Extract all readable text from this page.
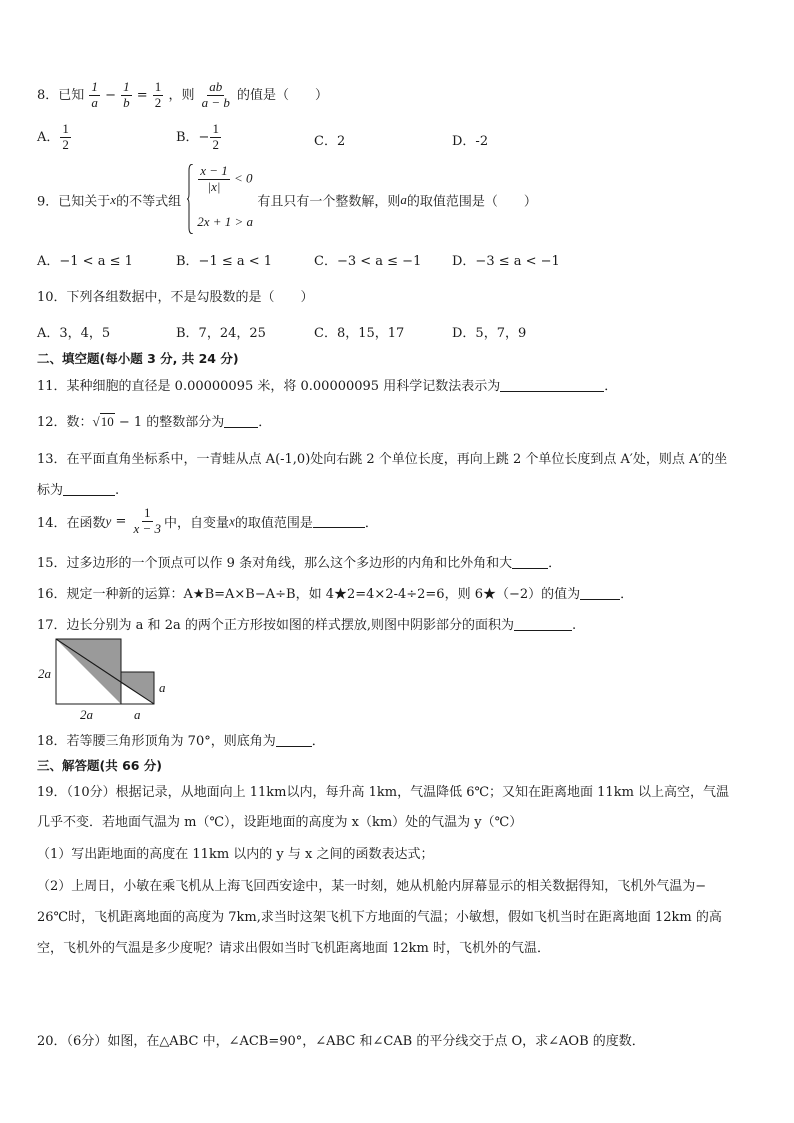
8．已知 $\frac{1}{a} - \frac{1}{b} = \frac{1}{2}$ ，则 $\frac{ab}{a - b}$ 的值是（　　）
A． $\frac{1}{2}$	B．− $\frac{1}{2}$	C．2	D．-2
9．已知关于x的不等式组
$\frac{x - 1}{|x|} < 0$
2x + 1 > a
有且只有一个整数解，则a的取值范围是（　　）
A．−1 < a ≤ 1	B．−1 ≤ a < 1	C．−3 < a ≤ −1 D．−3 ≤ a < −1
10．下列各组数据中，不是勾股数的是（　　）
A．3，4，5	B．7，24，25	C．8，15，17	D．5，7，9
二、填空题(每小题 3 分, 共 24 分)
11．某种细胞的直径是 0.00000095 米，将 0.00000095 用科学记数法表示为	．
12．数：√10 − 1 的整数部分为	．
13．在平面直角坐标系中，一青蛙从点 A(-1,0)处向右跳 2 个单位长度，再向上跳 2 个单位长度到点 A′处，则点 A′的坐
标为	.
14．在函数$y = \frac{1}{x - 3}$ 中，自变量x的取值范围是	．
15．过多边形的一个顶点可以作 9 条对角线，那么这个多边形的内角和比外角和大	．
16．规定一种新的运算：A★B=A×B−A÷B，如 4★2=4×2-4÷2=6，则 6★（−2）的值为	．
17．边长分别为 a 和 2a 的两个正方形按如图的样式摆放,则图中阴影部分的面积为	.
2a
2a	a
a
18．若等腰三角形顶角为 70°，则底角为	．
三、解答题(共 66 分)
19．（10分）根据记录，从地面向上 11km以内，每升高 1km，气温降低 6℃；又知在距离地面 11km 以上高空，气温
几乎不变．若地面气温为 m（℃），设距地面的高度为 x（km）处的气温为 y（℃）
（1）写出距地面的高度在 11km 以内的 y 与 x 之间的函数表达式；
（2）上周日，小敏在乘飞机从上海飞回西安途中，某一时刻，她从机舱内屏幕显示的相关数据得知，飞机外气温为−
26℃时，飞机距离地面的高度为 7km,求当时这架飞机下方地面的气温；小敏想，假如飞机当时在距离地面 12km 的高
空，飞机外的气温是多少度呢？请求出假如当时飞机距离地面 12km 时，飞机外的气温．
20．（6分）如图，在△ABC 中，∠ACB=90°，∠ABC 和∠CAB 的平分线交于点 O，求∠AOB 的度数．
